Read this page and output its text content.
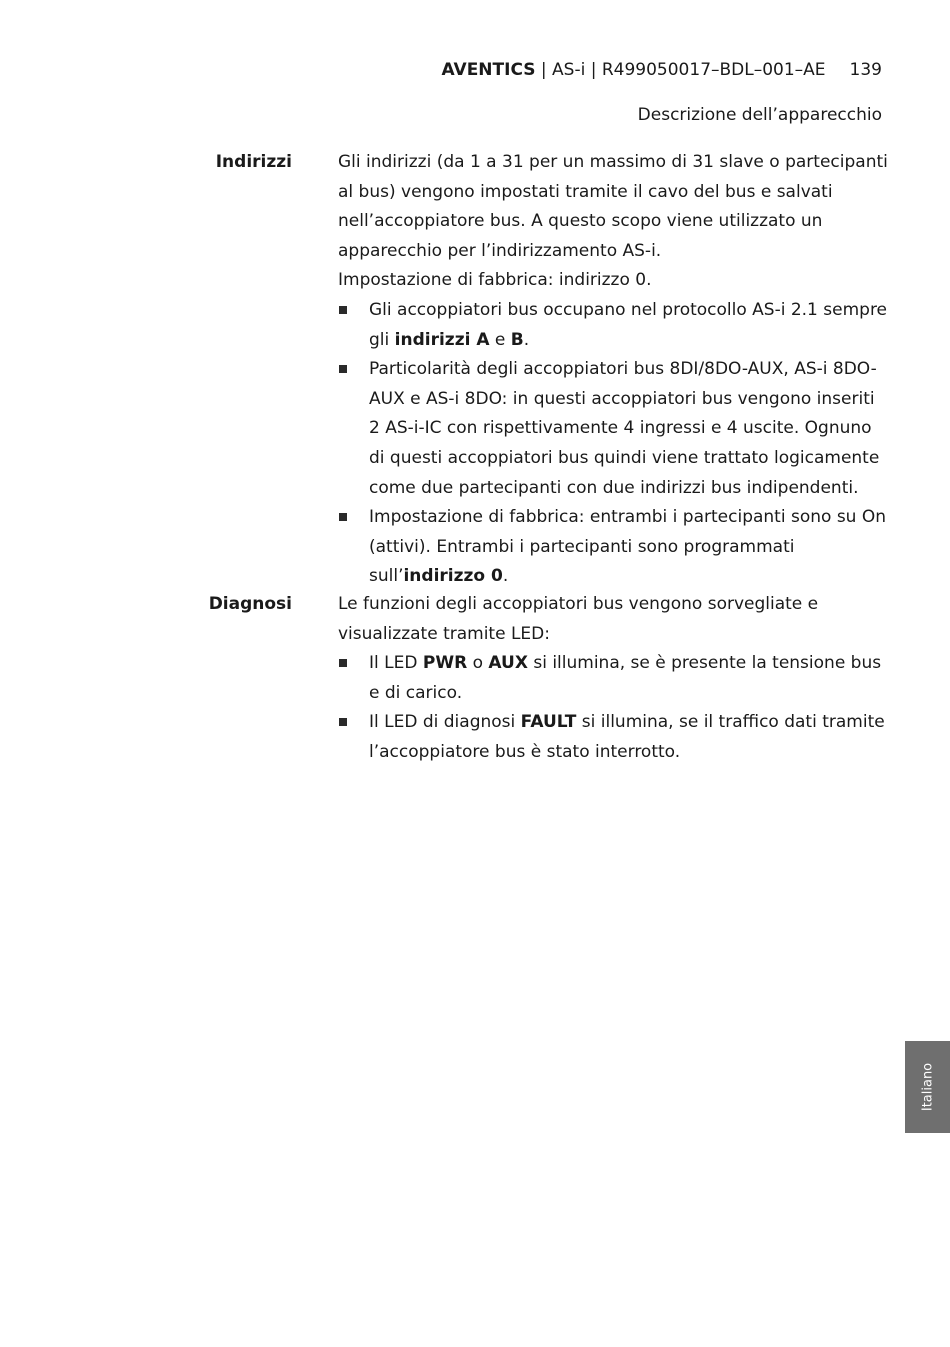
AVENTICS | AS-i | R499050017–BDL–001–AE 139
Descrizione dell’apparecchio
Indirizzi	Gli indirizzi (da 1 a 31 per un massimo di 31 slave o partecipanti al bus) vengono impostati tramite il cavo del bus e salvati nell’accoppiatore bus. A questo scopo viene utilizzato un apparecchio per l’indirizzamento AS-i.

Impostazione di fabbrica: indirizzo 0.

Gli accoppiatori bus occupano nel protocollo AS-i 2.1 sempre gli indirizzi A e B.
Particolarità degli accoppiatori bus 8DI/8DO-AUX, AS-i 8DO-AUX e AS-i 8DO: in questi accoppiatori bus vengono inseriti 2 AS-i-IC con rispettivamente 4 ingressi e 4 uscite. Ognuno di questi accoppiatori bus quindi viene trattato logicamente come due partecipanti con due indirizzi bus indipendenti.
Impostazione di fabbrica: entrambi i partecipanti sono su On (attivi). Entrambi i partecipanti sono programmati sull’indirizzo 0.
Diagnosi	Le funzioni degli accoppiatori bus vengono sorvegliate e visualizzate tramite LED:

Il LED PWR o AUX si illumina, se è presente la tensione bus e di carico.
Il LED di diagnosi FAULT si illumina, se il traffico dati tramite l’accoppiatore bus è stato interrotto.
Italiano
